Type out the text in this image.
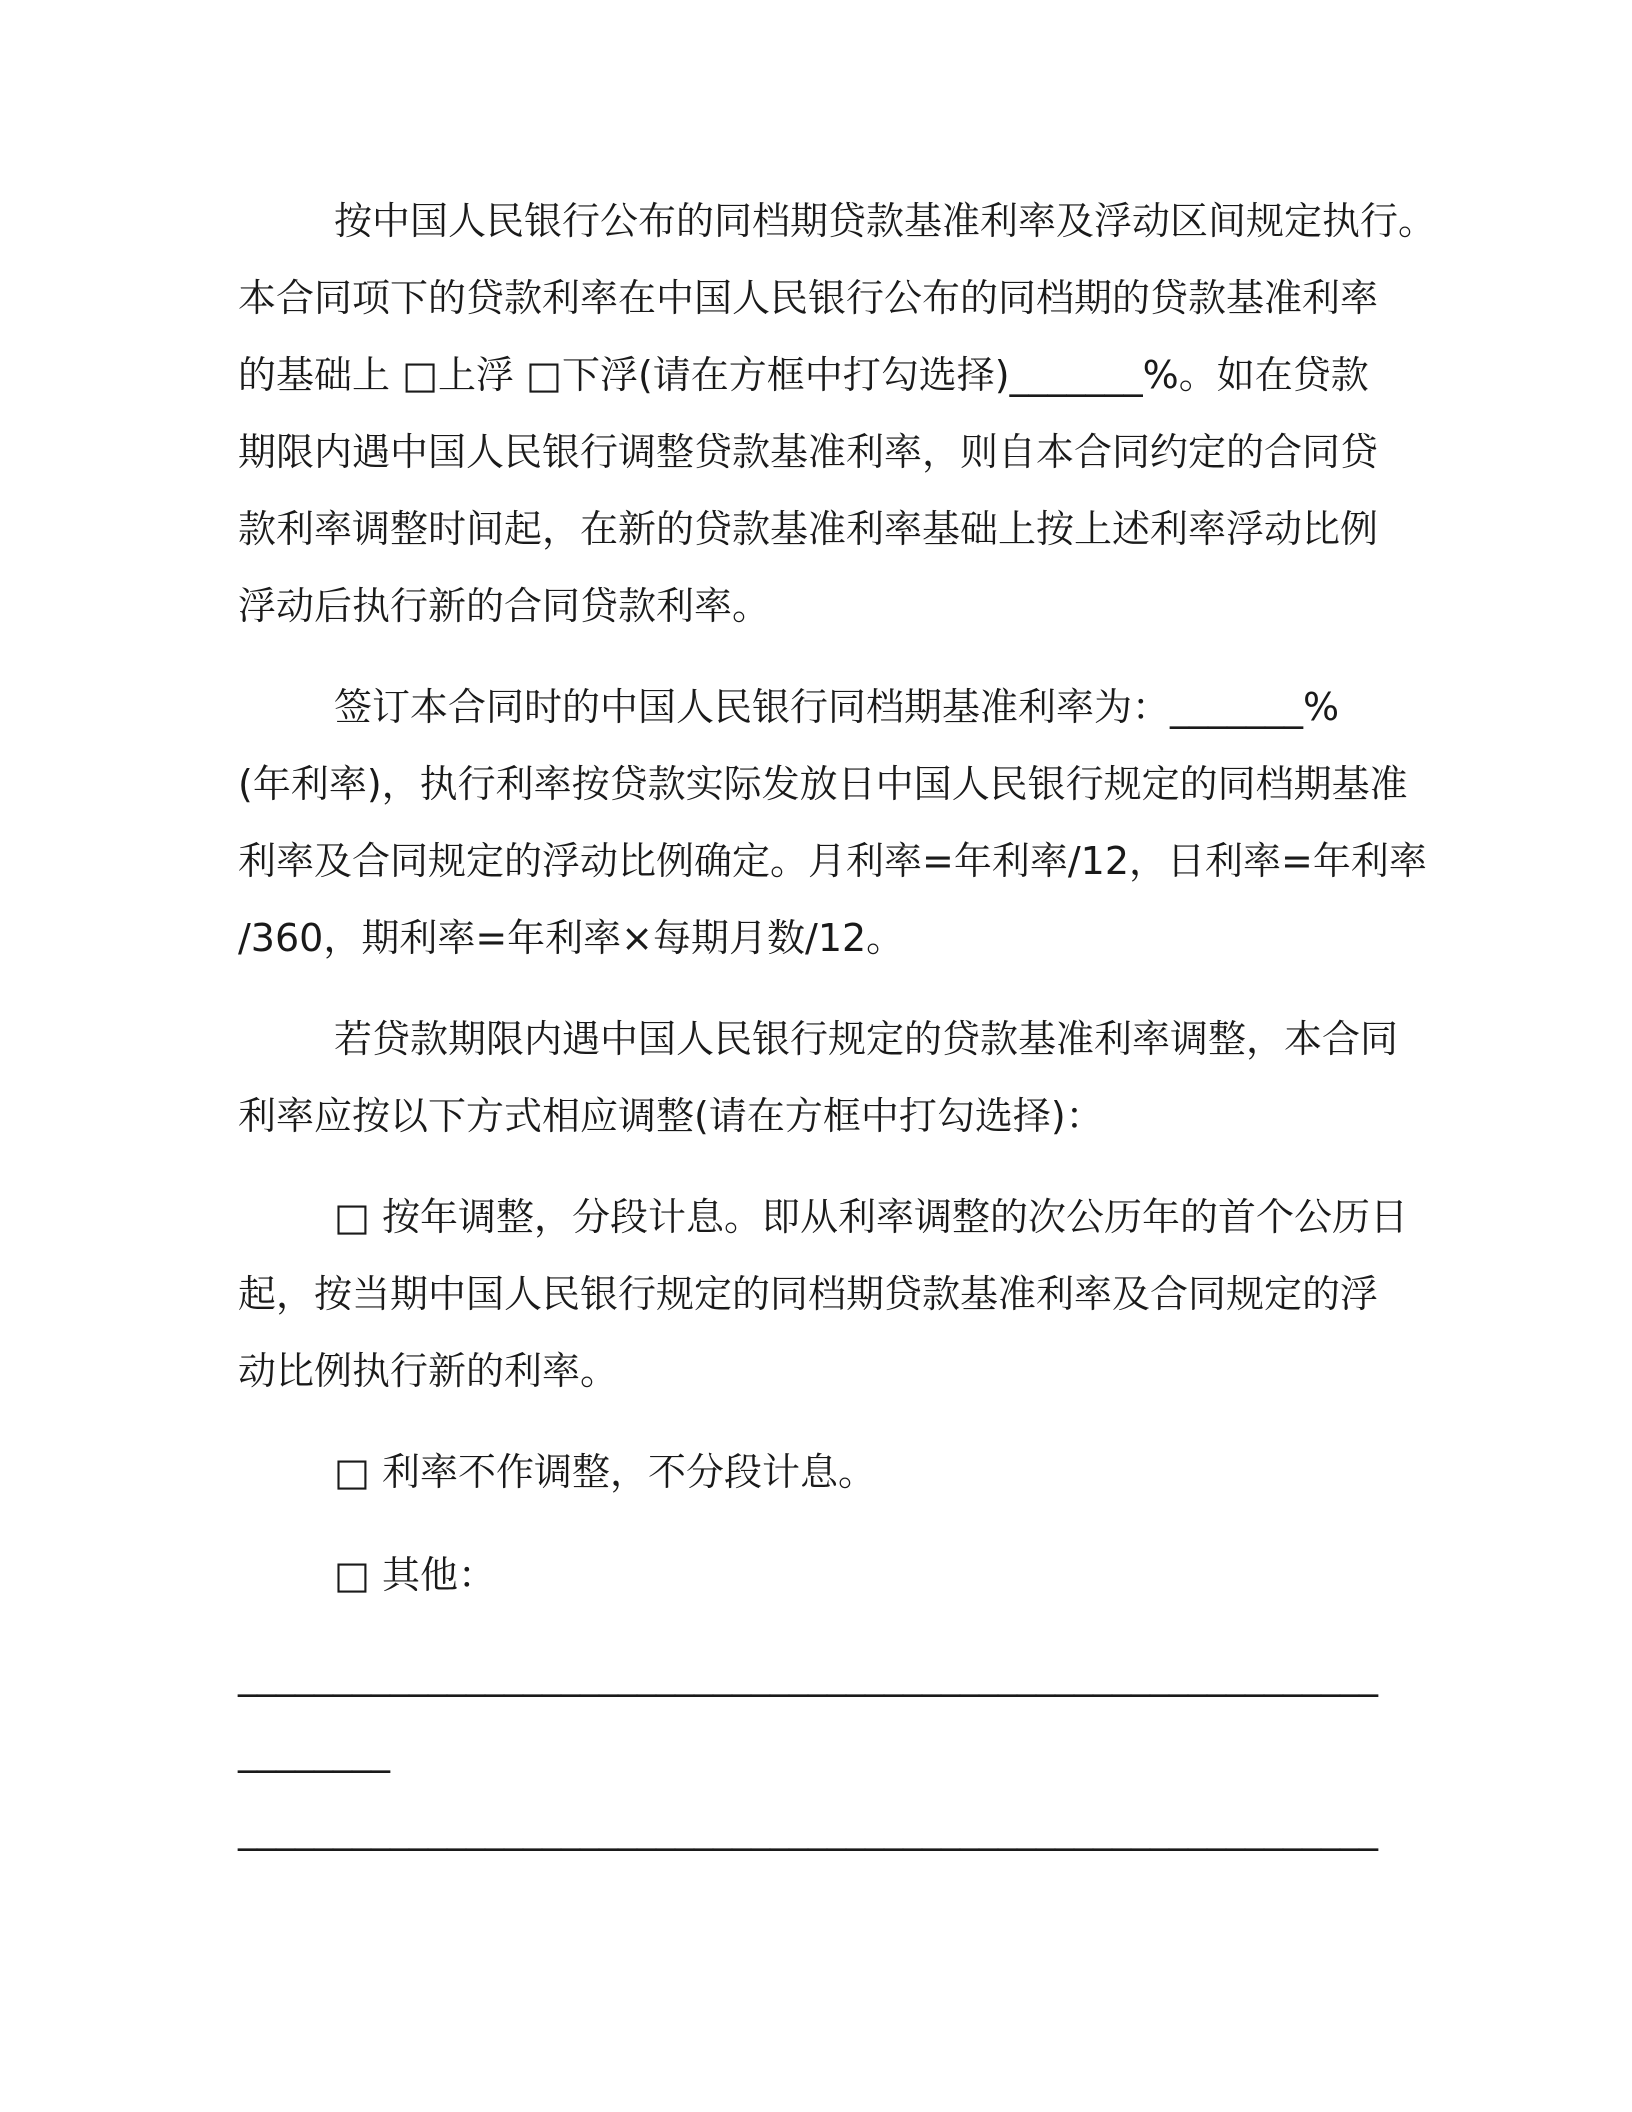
按中国人民银行公布的同档期贷款基准利率及浮动区间规定执行。
本合同项下的贷款利率在中国人民银行公布的同档期的贷款基准利率
的基础上 □上浮 □下浮(请在方框中打勾选择)_______%。如在贷款
期限内遇中国人民银行调整贷款基准利率，则自本合同约定的合同贷
款利率调整时间起，在新的贷款基准利率基础上按上述利率浮动比例
浮动后执行新的合同贷款利率。
签订本合同时的中国人民银行同档期基准利率为：_______%
(年利率)，执行利率按贷款实际发放日中国人民银行规定的同档期基准
利率及合同规定的浮动比例确定。月利率=年利率/12，日利率=年利率
/360，期利率=年利率×每期月数/12。
若贷款期限内遇中国人民银行规定的贷款基准利率调整，本合同
利率应按以下方式相应调整(请在方框中打勾选择)：
□ 按年调整，分段计息。即从利率调整的次公历年的首个公历日
起，按当期中国人民银行规定的同档期贷款基准利率及合同规定的浮
动比例执行新的利率。
□ 利率不作调整，不分段计息。
□ 其他：
____________________________________________________________
________
____________________________________________________________
